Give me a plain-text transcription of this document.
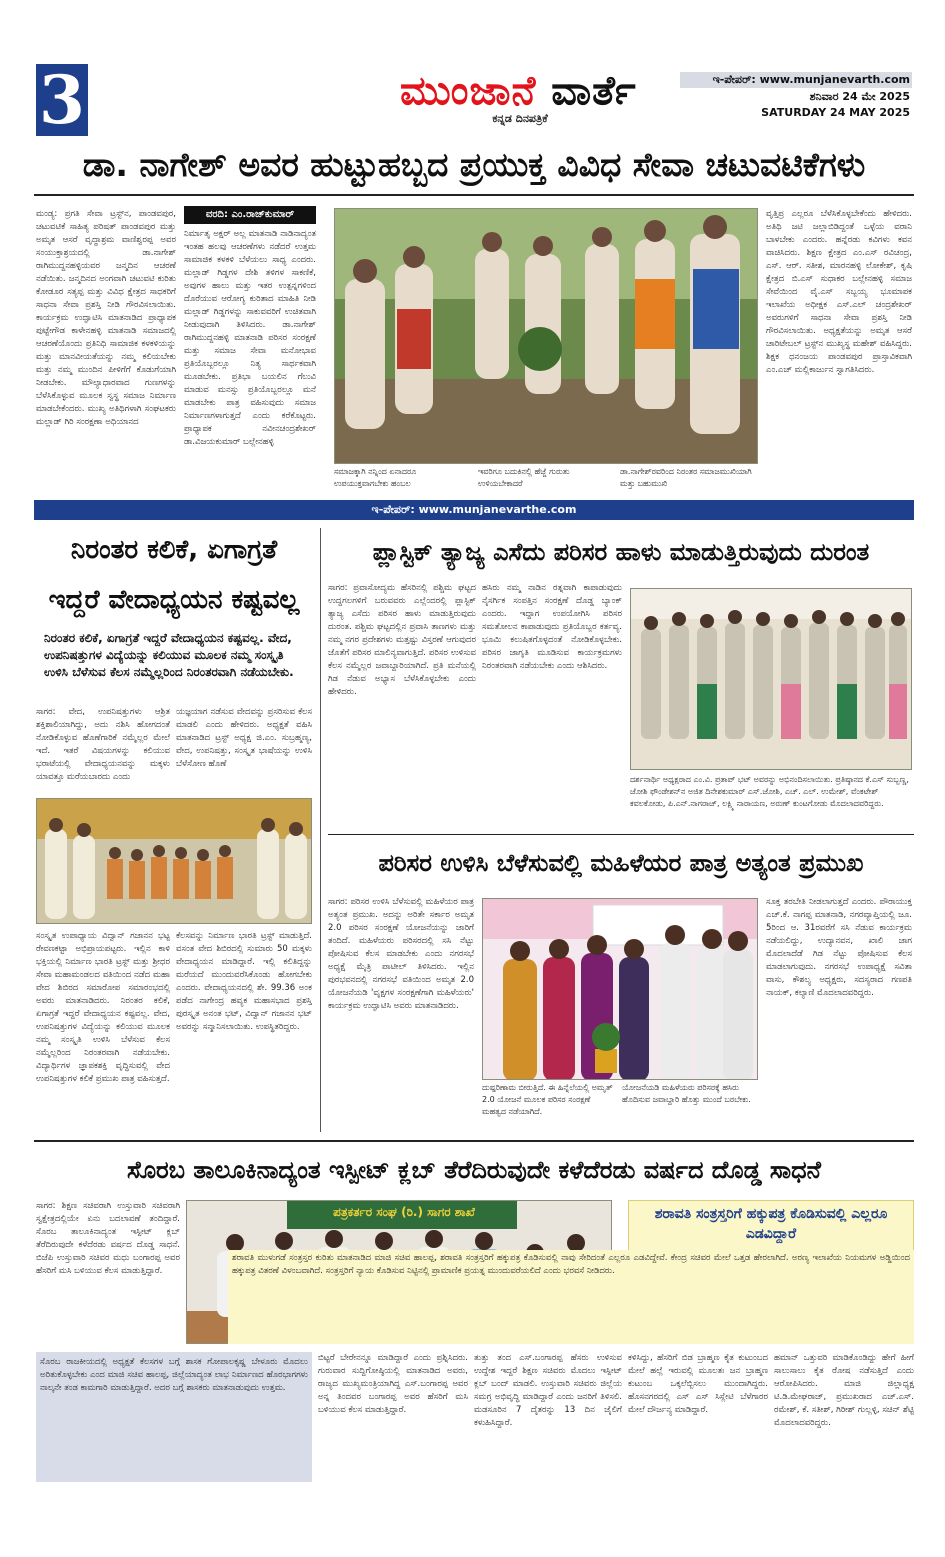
3	ಮುಂಜಾನೆ ವಾರ್ತೆ
ಕನ್ನಡ ದಿನಪತ್ರಿಕೆ
ಇ-ಪೇಪರ್: www.munjanevarth.com
ಶನಿವಾರ 24 ಮೇ 2025
SATURDAY 24 MAY 2025
ಡಾ. ನಾಗೇಶ್ ಅವರ ಹುಟ್ಟುಹಬ್ಬದ ಪ್ರಯುಕ್ತ ವಿವಿಧ ಸೇವಾ ಚಟುವಟಿಕೆಗಳು
ಮಂಡ್ಯ: ಪ್ರಗತಿ ಸೇವಾ ಟ್ರಸ್ಟ್‌ನ, ಪಾಂಡವಪುರ, ಚಟುವಟಿಕೆ ಸಾಹಿತ್ಯ ಪರಿಷತ್ ಪಾಂಡವಪುರ ಮತ್ತು ಅಮೃತ ಆಸರೆ ವೃದ್ಧಾಶ್ರಮ ವಾಣಿಶ್ವರಪ್ಪ ಅವರ ಸಂಯುಕ್ತಾಶ್ರಯದಲ್ಲಿ ಡಾ.ನಾಗೇಶ್ ರಾಗಿಮುದ್ದನಹಳ್ಳಿಯವರ ಜನ್ಮದಿನ ಆಚರಣೆ ನಡೆಯಿತು. ಜನ್ಮದಿನದ ಅಂಗವಾಗಿ ಚಟುವಟಿ ಕುರಿತು ಕೋಡೂರ ಸತ್ಯಪ್ಪ ಮತ್ತು ವಿವಿಧ ಕ್ಷೇತ್ರದ ಸಾಧಕರಿಗೆ ಸಾಧನಾ ಸೇವಾ ಪ್ರಶಸ್ತಿ ನೀಡಿ ಗೌರವಿಸಲಾಯಿತು. ಕಾರ್ಯಕ್ರಮ ಉದ್ಘಾಟಿಸಿ ಮಾತನಾಡಿದ ಪ್ರಾಧ್ಯಾಪಕ ಪುಟ್ಟೇಗೌಡ ಕಾಳೇನಹಳ್ಳಿ ಮಾತನಾಡಿ ಸಮಾಜದಲ್ಲಿ ಆಚರಣೆಯೊಂದು ಪ್ರತಿನಿಧಿ ಸಾಮಾಜಿಕ ಕಳಕಳಿಯನ್ನು ಮತ್ತು ಮಾನವೀಯತೆಯನ್ನು ನಮ್ಮ ಕಲಿಯಬೇಕು ಮತ್ತು ನಮ್ಮ ಮುಂದಿನ ಪೀಳಿಗೆಗೆ ಕೊಡುಗೆಯಾಗಿ ನೀಡಬೇಕು. ಮೌಲ್ಯಾಧಾರವಾದ ಗುಣಗಳನ್ನು ಬೆಳೆಸಿಕೊಳ್ಳುವ ಮೂಲಕ ಸ್ವಸ್ಥ ಸಮಾಜ ನಿರ್ಮಾಣ ಮಾಡಬೇಕೆಂದರು. ಮುಖ್ಯ ಅತಿಥಿಗಳಾಗಿ ಸಂಘಟಕರು ಮಲ್ಲಾಡ್ ಗಿರಿ ಸಂರಕ್ಷಣಾ ಅಧಿಯಾನದ
ವರದಿ: ಎಂ.ರಾಜ್‌ಕುಮಾರ್
ನಿರ್ಮಾತೃ ಅಕ್ಷರ್ ಅಲ್ಲ ಮಾತನಾಡಿ ನಾಡಿನಾದ್ಯಂತ ಇಂತಹ ಹಲವು ಆಚರಣೆಗಳು ನಡೆದರೆ ಉತ್ತಮ ಸಾಮಾಜಿಕ ಕಳಕಳಿ ಬೆಳೆಯಲು ಸಾಧ್ಯ ಎಂದರು. ಮಲ್ಲಾಡ್ ಗಿಡ್ಡಗಳ ದೇಶಿ ತಳಿಗಳ ಸಾಕಣಿಕೆ, ಅವುಗಳ ಹಾಲು ಮತ್ತು ಇತರ ಉತ್ಪನ್ನಗಳಿಂದ ದೊರೆಯುವ ಆರೋಗ್ಯ ಕುರಿತಾದ ಮಾಹಿತಿ ನೀಡಿ ಮಲ್ಲಾಡ್ ಗಿಡ್ಡಗಳನ್ನು ಸಾಕುವವರಿಗೆ ಉಚಿತವಾಗಿ ನೀಡುವುದಾಗಿ ತಿಳಿಸಿದರು. ಡಾ.ನಾಗೇಶ್ ರಾಗಿಮುದ್ದನಹಳ್ಳಿ ಮಾತನಾಡಿ ಪರಿಸರ ಸಂರಕ್ಷಣೆ ಮತ್ತು ಸಮಾಜ ಸೇವಾ ಮನೋಭಾವ ಪ್ರತಿಯೊಬ್ಬರಲ್ಲೂ ನಿತ್ಯ ಸಾರ್ಥಕವಾಗಿ ಮೂಡಬೇಕು. ಪ್ರತಿಭಾ ಬಯಲಿನ ಗೆಲುವಿ ಮಾಡುವ ಮನಸ್ಸು ಪ್ರತಿಯೊಬ್ಬರಲ್ಲೂ ಮನೆ ಮಾಡಬೇಕು ಪಾತ್ರ ವಹಿಸುವುದು ಸಮಾಜ ನಿರ್ಮಾಣಗಳಾಗುತ್ತದೆ ಎಂದು ಕರೆಕೊಟ್ಟರು. ಪ್ರಾಧ್ಯಾಪಕ ನವೀನಚಂದ್ರಶೇಖರ್ ಡಾ.ವಿಜಯಕುಮಾರ್ ಬಲ್ಲೇನಹಳ್ಳಿ
ಸಮಾಜಕ್ಕಾಗಿ ನನ್ನಿಂದ ಏನಾದರೂ ಉಪಯುಕ್ತವಾಗಬೇಕು ಹಂಬಲ
ಇವರಿಗೂ ಬದುಕಿನಲ್ಲಿ ಹೆಜ್ಜೆ ಗುರುತು ಉಳಿಯಬೇಕಾದರೆ
ಡಾ.ನಾಗೇಶ್‌ರವರಿಂದ ನಿರಂತರ ಸಮಾಜಮುಖಿಯಾಗಿ ಮತ್ತು ಬಹುಮುಖಿ
ವೃತ್ತಿಪ್ರ ಎಲ್ಲರೂ ಬೆಳೆಸಿಕೊಳ್ಳಬೇಕೆಂದು ಹೇಳಿದರು. ಅತಿಥಿ ಜಟಿ ಜಲ್ಲಾಬಿಡಿದ್ದಂತೆ ಒಳ್ಳೆಯ ವರಾನಿ ಬಾಳಬೇಕು ಎಂದರು. ಹನ್ನೆರಡು ಕವಿಗಳು ಕವನ ವಾಚಿಸಿದರು. ಶಿಕ್ಷಣ ಕ್ಷೇತ್ರದ ಎಂ.ಎಸ್ ರವಿಚಂದ್ರ, ಎಸ್. ಆರ್. ಸತೀಶ, ಮಾರನಹಳ್ಳಿ ಲೋಕೇಶ್, ಕೃಷಿ ಕ್ಷೇತ್ರದ ಬಿ.ಎಸ್ ಸುಧಾಕರ ಬಲ್ಲೇನಹಳ್ಳಿ ಸಮಾಜ ಸೇವೆಯಿಂದ ವೈ.ಎಸ್ ಸಬ್ಬಯ್ಯ ಭೂಮಾಪಕ ಇಲಾಖೆಯ ಅಧೀಕ್ಷಕ ಎಸ್.ಎಲ್ ಚಂದ್ರಶೇಖರ್ ಅವರುಗಳಿಗೆ ಸಾಧನಾ ಸೇವಾ ಪ್ರಶಸ್ತಿ ನೀಡಿ ಗೌರವಿಸಲಾಯಿತು. ಅಧ್ಯಕ್ಷತೆಯನ್ನು ಅಮೃತ ಆಸರೆ ಚಾರಿಟೇಬಲ್ ಟ್ರಸ್ಟ್‌ನ ಮುಖ್ಯಸ್ಥ ಮಹೇಶ್ ವಹಿಸಿದ್ದರು. ಶಿಕ್ಷಕ ಧನಂಜಯ ಪಾಂಡವಪುರ ಪ್ರಾಸ್ತಾವಿಕವಾಗಿ ಎಂ.ಎಚ್ ಮಲ್ಲಿಕಾರ್ಜುನ ಸ್ವಾಗತಿಸಿದರು.
ಇ-ಪೇಪರ್: www.munjanevarthe.com
ನಿರಂತರ ಕಲಿಕೆ, ಏಗಾಗ್ರತೆ
ಇದ್ದರೆ ವೇದಾಧ್ಯಯನ ಕಷ್ಟವಲ್ಲ
ನಿರಂತರ ಕಲಿಕೆ, ಏಗಾಗ್ರತೆ ಇದ್ದರೆ ವೇದಾಧ್ಯಯನ ಕಷ್ಟವಲ್ಲ. ವೇದ, ಉಪನಿಷತ್ತುಗಳ ವಿದ್ಯೆಯನ್ನು ಕಲಿಯುವ ಮೂಲಕ ನಮ್ಮ ಸಂಸ್ಕೃತಿ ಉಳಿಸಿ ಬೆಳೆಸುವ ಕೆಲಸ ನಮ್ಮೆಲ್ಲರಿಂದ ನಿರಂತರವಾಗಿ ನಡೆಯಬೇಕು.
ಸಾಗರ: ವೇದ, ಉಪನಿಷತ್ತುಗಳು ಆಶ್ರಿತ ಶಕ್ತಿಶಾಲಿಯಾಗಿದ್ದು, ಅದು ನಶಿಸಿ ಹೋಗದಂತೆ ನೋಡಿಕೊಳ್ಳುವ ಹೊಣೆಗಾರಿಕೆ ನಮ್ಮೆಲ್ಲರ ಮೇಲೆ ಇದೆ. ಇತರೆ ವಿಷಯಗಳನ್ನು ಕಲಿಯುವ ಭರಾಟೆಯಲ್ಲಿ ವೇದಾಧ್ಯಯನವನ್ನು ಮಕ್ಕಳು ಯಾವತ್ತೂ ಮರೆಯಬಾರದು ಎಂದು
ಯಜ್ಞಯಾಗ ನಡೆಸುವ ವೇದವನ್ನು ಪ್ರಸರಿಸುವ ಕೆಲಸ ಮಾಡಲಿ ಎಂದು ಹೇಳಿದರು. ಅಧ್ಯಕ್ಷತೆ ವಹಿಸಿ ಮಾತನಾಡಿದ ಟ್ರಸ್ಟ್ ಅಧ್ಯಕ್ಷ ಜಿ.ಎಂ. ಸುಬ್ರಹ್ಮಣ್ಯ, ವೇದ, ಉಪನಿಷತ್ತು, ಸಂಸ್ಕೃತ ಭಾಷೆಯನ್ನು ಉಳಿಸಿ ಬೆಳೆಸೋಣ ಹೊಣೆ
ಸಂಸ್ಕೃತ ಉಪಾಧ್ಯಾಯ ವಿದ್ವಾನ್ ಗಜಾನನ ಭಟ್ಟ ರೇವಣಕಟ್ಟಾ ಅಭಿಪ್ರಾಯಪಟ್ಟರು. ಇಲ್ಲಿನ ಕಾಳಿ ಭಕ್ತಿಯಲ್ಲಿ ನಿರ್ಮಾಣ ಭಾರತಿ ಟ್ರಸ್ಟ್ ಮತ್ತು ಶ್ರೀಧರ ಸೇವಾ ಮಹಾಮಂಡಲದ ವತಿಯಿಂದ ನಡೆದ ಮಹಾ ವೇದ ಶಿಬಿರದ ಸಮಾರೋಪ ಸಮಾರಂಭದಲ್ಲಿ ಅವರು ಮಾತನಾಡಿದರು. ನಿರಂತರ ಕಲಿಕೆ, ಏಗಾಗ್ರತೆ ಇದ್ದರೆ ವೇದಾಧ್ಯಯನ ಕಷ್ಟವಲ್ಲ. ವೇದ, ಉಪನಿಷತ್ತುಗಳ ವಿದ್ಯೆಯನ್ನು ಕಲಿಯುವ ಮೂಲಕ ನಮ್ಮ ಸಂಸ್ಕೃತಿ ಉಳಿಸಿ ಬೆಳೆಸುವ ಕೆಲಸ ನಮ್ಮೆಲ್ಲರಿಂದ ನಿರಂತರವಾಗಿ ನಡೆಯಬೇಕು. ವಿದ್ಯಾರ್ಥಿಗಳ ಜ್ಞಾಪಕಶಕ್ತಿ ವೃದ್ಧಿಸುವಲ್ಲಿ ವೇದ ಉಪನಿಷತ್ತುಗಳ ಕಲಿಕೆ ಪ್ರಮುಖ ಪಾತ್ರ ವಹಿಸುತ್ತದೆ.
ಕೆಲಸವನ್ನು ನಿರ್ಮಾಣ ಭಾರತಿ ಟ್ರಸ್ಟ್ ಮಾಡುತ್ತಿದೆ. ವಸಂತ ವೇದ ಶಿಬಿರದಲ್ಲಿ ಸುಮಾರು 50 ಮಕ್ಕಳು ವೇದಾಧ್ಯಯನ ಮಾಡಿದ್ದಾರೆ. ಇಲ್ಲಿ ಕಲಿತಿದ್ದನ್ನು ಮರೆಯದೆ ಮುಂದುವರೆಸಿಕೊಂಡು ಹೋಗಬೇಕು ಎಂದರು. ವೇದಾಧ್ಯಯನದಲ್ಲಿ ಶೇ. 99.36 ಅಂಕ ಪಡೆದ ನಾಗೇಂದ್ರ ಹವ್ಯಕ ಮಹಾಸಭಾದ ಪ್ರಶಸ್ತಿ ಪುರಸ್ಕೃತ ಅನಂತ ಭಟ್, ವಿದ್ವಾನ್ ಗಜಾನನ ಭಟ್ ಅವರನ್ನು ಸನ್ಮಾನಿಸಲಾಯಿತು. ಉಪಸ್ಥಿತರಿದ್ದರು.
ಪ್ಲಾಸ್ಟಿಕ್ ತ್ಯಾಜ್ಯ ಎಸೆದು ಪರಿಸರ ಹಾಳು ಮಾಡುತ್ತಿರುವುದು ದುರಂತ
ಸಾಗರ: ಪ್ರವಾಸೋದ್ಯಮ ಹೆಸರಿನಲ್ಲಿ ಪಶ್ಚಿಮ ಘಟ್ಟದ ಉದ್ದಗಲಗಳಿಗೆ ಬರುವವರು ಎಲ್ಲೆಂದರಲ್ಲಿ ಪ್ಲಾಸ್ಟಿಕ್ ತ್ಯಾಜ್ಯ ಎಸೆದು ಪರಿಸರ ಹಾಳು ಮಾಡುತ್ತಿರುವುದು ದುರಂತ. ಪಶ್ಚಿಮ ಘಟ್ಟದಲ್ಲಿನ ಪ್ರವಾಸಿ ತಾಣಗಳು ಮತ್ತು ನಮ್ಮ ನಗರ ಪ್ರದೇಶಗಳು ಮತ್ತಷ್ಟು ವಿಸ್ತರಣೆ ಆಗುವುದರ ಜೊತೆಗೆ ಪರಿಸರ ಮಾಲಿನ್ಯವಾಗುತ್ತಿದೆ. ಪರಿಸರ ಉಳಿಸುವ ಕೆಲಸ ನಮ್ಮೆಲ್ಲರ ಜವಾಬ್ದಾರಿಯಾಗಿದೆ. ಪ್ರತಿ ಮನೆಯಲ್ಲಿ ಗಿಡ ನೆಡುವ ಅಭ್ಯಾಸ ಬೆಳೆಸಿಕೊಳ್ಳಬೇಕು ಎಂದು ಹೇಳಿದರು.
ಹಸಿರು ನಮ್ಮ ನಾಡಿನ ರತ್ನವಾಗಿ ಕಾಪಾಡುವುದು ನೈಸರ್ಗಿಕ ಸಂಪತ್ತಿನ ಸಂರಕ್ಷಣೆ ದೊಡ್ಡ ಬ್ಯಾಂಕ್ ಎಂದರು. ಇದ್ದಾಗ ಉಪಯೋಗಿಸಿ ಪರಿಸರ ಸಮತೋಲನ ಕಾಪಾಡುವುದು ಪ್ರತಿಯೊಬ್ಬರ ಕರ್ತವ್ಯ. ಭೂಮಿ ಕಲುಷಿತಗೊಳ್ಳದಂತೆ ನೋಡಿಕೊಳ್ಳಬೇಕು. ಪರಿಸರ ಜಾಗೃತಿ ಮೂಡಿಸುವ ಕಾರ್ಯಕ್ರಮಗಳು ನಿರಂತರವಾಗಿ ನಡೆಯಬೇಕು ಎಂದು ಆಶಿಸಿದರು.
ದರ್ಶನಾರ್ಥಿ ಅಧ್ಯಕ್ಷರಾದ ಎಂ.ವಿ. ಪ್ರತಾಪ್ ಭಟ್ ಅವರನ್ನು ಅಭಿನಂದಿಸಲಾಯಿತು. ಪ್ರತಿಷ್ಠಾನದ ಕೆ.ಎಸ್ ಸುಬ್ಬಣ್ಣ, ಜೋಶಿ ಫೌಂಡೇಶನ್‌ನ ಅಜಿತ ದಿನೇಶಕುಮಾರ್ ಎಸ್.ಜೋಶಿ, ಎಚ್. ಎಲ್. ಉಮೇಶ್, ವೆಂಕಟೇಶ್ ಕವಲಕೋಡು, ಪಿ.ಎನ್.ನಾಗರಾಜ್, ಲಕ್ಷ್ಮಿ ನಾರಾಯಣ, ಅರುಣ್ ಕುಂಟಗೋಡು ಮೊದಲಾದವರಿದ್ದರು.
ಪರಿಸರ ಉಳಿಸಿ ಬೆಳೆಸುವಲ್ಲಿ ಮಹಿಳೆಯರ ಪಾತ್ರ ಅತ್ಯಂತ ಪ್ರಮುಖ
ಸಾಗರ: ಪರಿಸರ ಉಳಿಸಿ ಬೆಳೆಸುವಲ್ಲಿ ಮಹಿಳೆಯರ ಪಾತ್ರ ಅತ್ಯಂತ ಪ್ರಮುಖ. ಅದನ್ನು ಅರಿತೇ ಸರ್ಕಾರ ಅಮೃತ 2.0 ಪರಿಸರ ಸಂರಕ್ಷಣೆ ಯೋಜನೆಯನ್ನು ಜಾರಿಗೆ ತಂದಿದೆ. ಮಹಿಳೆಯರು ಪರಿಸರದಲ್ಲಿ ಸಸಿ ನೆಟ್ಟು ಪೋಷಿಸುವ ಕೆಲಸ ಮಾಡಬೇಕು ಎಂದು ನಗರಸಭೆ ಅಧ್ಯಕ್ಷೆ ಮೈತ್ರಿ ಪಾಟೀಲ್ ತಿಳಿಸಿದರು. ಇಲ್ಲಿನ ಪುರಭವನದಲ್ಲಿ ನಗರಸಭೆ ವತಿಯಿಂದ ಅಮೃತ 2.0 ಯೋಜನೆಯಡಿ 'ವೃಕ್ಷಗಳ ಸಂರಕ್ಷಣೆಗಾಗಿ ಮಹಿಳೆಯರು' ಕಾರ್ಯಕ್ರಮ ಉದ್ಘಾಟಿಸಿ ಅವರು ಮಾತನಾಡಿದರು.
ದುಷ್ಪರಿಣಾಮ ಬೀರುತ್ತಿದೆ. ಈ ಹಿನ್ನೆಲೆಯಲ್ಲಿ ಅಮೃತ್ 2.0 ಯೋಜನೆ ಮೂಲಕ ಪರಿಸರ ಸಂರಕ್ಷಣೆ ಮಹತ್ವದ ನಡೆಯಾಗಿದೆ.
ಯೋಜನೆಯಡಿ ಮಹಿಳೆಯರು ಪರಿಸರಕ್ಕೆ ಹಸಿರು ಹೊದಿಸುವ ಜವಾಬ್ದಾರಿ ಹೊತ್ತು ಮುಂದೆ ಬರಬೇಕು.
ಸೂಕ್ತ ತರಬೇತಿ ನೀಡಲಾಗುತ್ತದೆ ಎಂದರು. ಪೌರಾಯುಕ್ತ ಎಚ್.ಕೆ. ನಾಗಪ್ಪ ಮಾತನಾಡಿ, ನಗರವ್ಯಾಪ್ತಿಯಲ್ಲಿ ಜೂ. 5ರಿಂದ ಆ. 31ರವರೆಗೆ ಸಸಿ ನೆಡುವ ಕಾರ್ಯಕ್ರಮ ನಡೆಯಲಿದ್ದು, ಉದ್ಯಾನವನ, ಖಾಲಿ ಜಾಗ ಮೊದಲಾದೆಡೆ ಗಿಡ ನೆಟ್ಟು ಪೋಷಿಸುವ ಕೆಲಸ ಮಾಡಲಾಗುವುದು. ನಗರಸಭೆ ಉಪಾಧ್ಯಕ್ಷೆ ಸವಿತಾ ವಾಸು, ಕೌಶಲ್ಯ ಅಧ್ಯಕ್ಷರು, ಸದಸ್ಯರಾದ ಗಣಪತಿ ನಾಯಕ್, ಕಲ್ಯಾಣಿ ಮೊದಲಾದವರಿದ್ದರು.
ಸೊರಬ ತಾಲೂಕಿನಾದ್ಯಂತ ಇಸ್ಪೀಟ್ ಕ್ಲಬ್ ತೆರೆದಿರುವುದೇ ಕಳೆದೆರಡು ವರ್ಷದ ದೊಡ್ಡ ಸಾಧನೆ
ಸಾಗರ: ಶಿಕ್ಷಣ ಸಚಿವರಾಗಿ ಉಸ್ತುವಾರಿ ಸಚಿವರಾಗಿ ಸ್ವಕ್ಷೇತ್ರದಲ್ಲಿಯೇ ಏನು ಬದಲಾವಣೆ ತಂದಿದ್ದಾರೆ. ಸೊರಬ ತಾಲೂಕಿನಾದ್ಯಂತ ಇಸ್ಪೀಟ್ ಕ್ಲಬ್ ತೆರೆದಿರುವುದೇ ಕಳೆದೆರಡು ವರ್ಷದ ದೊಡ್ಡ ಸಾಧನೆ. ಬಿಜೆಪಿ ಉಸ್ತುವಾರಿ ಸಚಿವರ ಮಧು ಬಂಗಾರಪ್ಪ ಅವರ ಹೆಸರಿಗೆ ಮಸಿ ಬಳಿಯುವ ಕೆಲಸ ಮಾಡುತ್ತಿದ್ದಾರೆ.
ಪತ್ರಕರ್ತರ ಸಂಘ (ರಿ.) ಸಾಗರ ಶಾಖೆ	ಶರಾವತಿ ಸಂತ್ರಸ್ತರಿಗೆ ಹಕ್ಕುಪತ್ರ ಕೊಡಿಸುವಲ್ಲಿ ಎಲ್ಲರೂ ಎಡವಿದ್ದಾರೆ
ಶರಾವತಿ ಮುಳುಗಡೆ ಸಂತ್ರಸ್ತರ ಕುರಿತು ಮಾತನಾಡಿದ ಮಾಜಿ ಸಚಿವ ಹಾಲಪ್ಪ, ಶರಾವತಿ ಸಂತ್ರಸ್ತರಿಗೆ ಹಕ್ಕುಪತ್ರ ಕೊಡಿಸುವಲ್ಲಿ ನಾವು ಸೇರಿದಂತೆ ಎಲ್ಲರೂ ಎಡವಿದ್ದೇವೆ. ಕೇಂದ್ರ ಸಚಿವರ ಮೇಲೆ ಒತ್ತಡ ಹೇರಲಾಗಿದೆ. ಅರಣ್ಯ ಇಲಾಖೆಯ ನಿಯಮಗಳ ಅಡ್ಡಿಯಿಂದ ಹಕ್ಕುಪತ್ರ ವಿತರಣೆ ವಿಳಂಬವಾಗಿದೆ. ಸಂತ್ರಸ್ತರಿಗೆ ನ್ಯಾಯ ಕೊಡಿಸುವ ನಿಟ್ಟಿನಲ್ಲಿ ಪ್ರಾಮಾಣಿಕ ಪ್ರಯತ್ನ ಮುಂದುವರೆಯಲಿದೆ ಎಂದು ಭರವಸೆ ನೀಡಿದರು.
ಸೊರಬ ರಾಜಕೀಯದಲ್ಲಿ ಅಧ್ಯಕ್ಷತೆ ಕೆಲಸಗಳ ಬಗ್ಗೆ ಶಾಸಕ ಗೋಪಾಲಕೃಷ್ಣ ಬೇಳೂರು ಮೊದಲು ಅರಿತುಕೊಳ್ಳಬೇಕು ಎಂದ ಮಾಜಿ ಸಚಿವ ಹಾಲಪ್ಪ, ಜಿಲ್ಲೆಯಾದ್ಯಂತ ಲಾಭ ನಿರ್ಮಾಣದ ಹೊರಭಾಗಗಳು ನಾಲ್ಕನೇ ತಂಡ ಕಾಮಗಾರಿ ಮಾಡುತ್ತಿದ್ದಾರೆ. ಅದರ ಬಗ್ಗೆ ಶಾಸಕರು ಮಾತನಾಡುವುದು ಉತ್ತಮ.
ಬಿಟ್ಟರೆ ಬೇರೇನನ್ನೂ ಮಾಡಿದ್ದಾರೆ ಎಂದು ಪ್ರಶ್ನಿಸಿದರು. ಗುರುವಾರ ಸುದ್ದಿಗೋಷ್ಠಿಯಲ್ಲಿ ಮಾತನಾಡಿದ ಅವರು, ರಾಜ್ಯದ ಮುಖ್ಯಮಂತ್ರಿಯಾಗಿದ್ದ ಎಸ್.ಬಂಗಾರಪ್ಪ ಅವರ ಅನ್ನ ತಿಂದವರ ಬಂಗಾರಪ್ಪ ಅವರ ಹೆಸರಿಗೆ ಮಸಿ ಬಳಿಯುವ ಕೆಲಸ ಮಾಡುತ್ತಿದ್ದಾರೆ.
ತುತ್ತು ತಂದ ಎಸ್.ಬಂಗಾರಪ್ಪ ಹೆಸರು ಉಳಿಸುವ ಉದ್ದೇಶ ಇದ್ದರೆ ಶಿಕ್ಷಣ ಸಚಿವರು ಮೊದಲು ಇಸ್ಪೀಟ್ ಕ್ಲಬ್ ಬಂದ್ ಮಾಡಲಿ. ಉಸ್ತುವಾರಿ ಸಚಿವರು ಜಿಲ್ಲೆಯ ಸಮಗ್ರ ಅಭಿವೃದ್ಧಿ ಮಾಡಿದ್ದಾರೆ ಎಂದು ಜನರಿಗೆ ತಿಳಿಸಲಿ. ಮಡಸೂರಿನ 7 ದೈತರನ್ನು 13 ದಿನ ಜೈಲಿಗೆ ಕಳುಹಿಸಿದ್ದಾರೆ.
ಕಳಿಸಿದ್ದು, ಹೆಸರಿಗೆ ಬಿಡ ಬ್ರಾಹ್ಮಣ ಕೈತ ಕುಟುಂಬದ ಮೇಲೆ ಹಲ್ಲೆ ಇರುವಲ್ಲಿ ಮೂಲತಃ ಜನ ಬ್ರಾಹ್ಮಣ ಕುಟುಂಬ ಒಕ್ಕಲೆಬ್ಬಿಸಲು ಮುಂದಾಗಿದ್ದರು. ಹೊಸನಗರದಲ್ಲಿ ಎಸ್ ಎಸ್ ಸಿಸ್ಲೇಟಿ ಬೆಳೆಗಾರರ ಮೇಲೆ ದೌರ್ಜನ್ಯ ಮಾಡಿದ್ದಾರೆ.
ಹಮಾನ್ ಒತ್ತುವರಿ ಮಾಡಿಕೊಂಡಿದ್ದು ಹೇಗೆ ಹೀಗೆ ಸಾಲುಸಾಲು ಕೈತ ರೋಷ ನಡೆಸುತ್ತಿದೆ ಎಂದು ಆರೋಪಿಸಿದರು. ಮಾಜಿ ಜಿಲ್ಲಾಧ್ಯಕ್ಷ ಟಿ.ಡಿ.ಮೇಘರಾಜ್, ಪ್ರಮುಖರಾದ ಎಚ್.ಎಸ್. ರಮೇಶ್, ಕೆ. ಸತೀಶ್, ಗಿರೀಶ್ ಗುಲ್ಲಳ್ಳಿ, ಸಚಿನ್ ಶೆಟ್ಟಿ ಮೊದಲಾದವರಿದ್ದರು.
